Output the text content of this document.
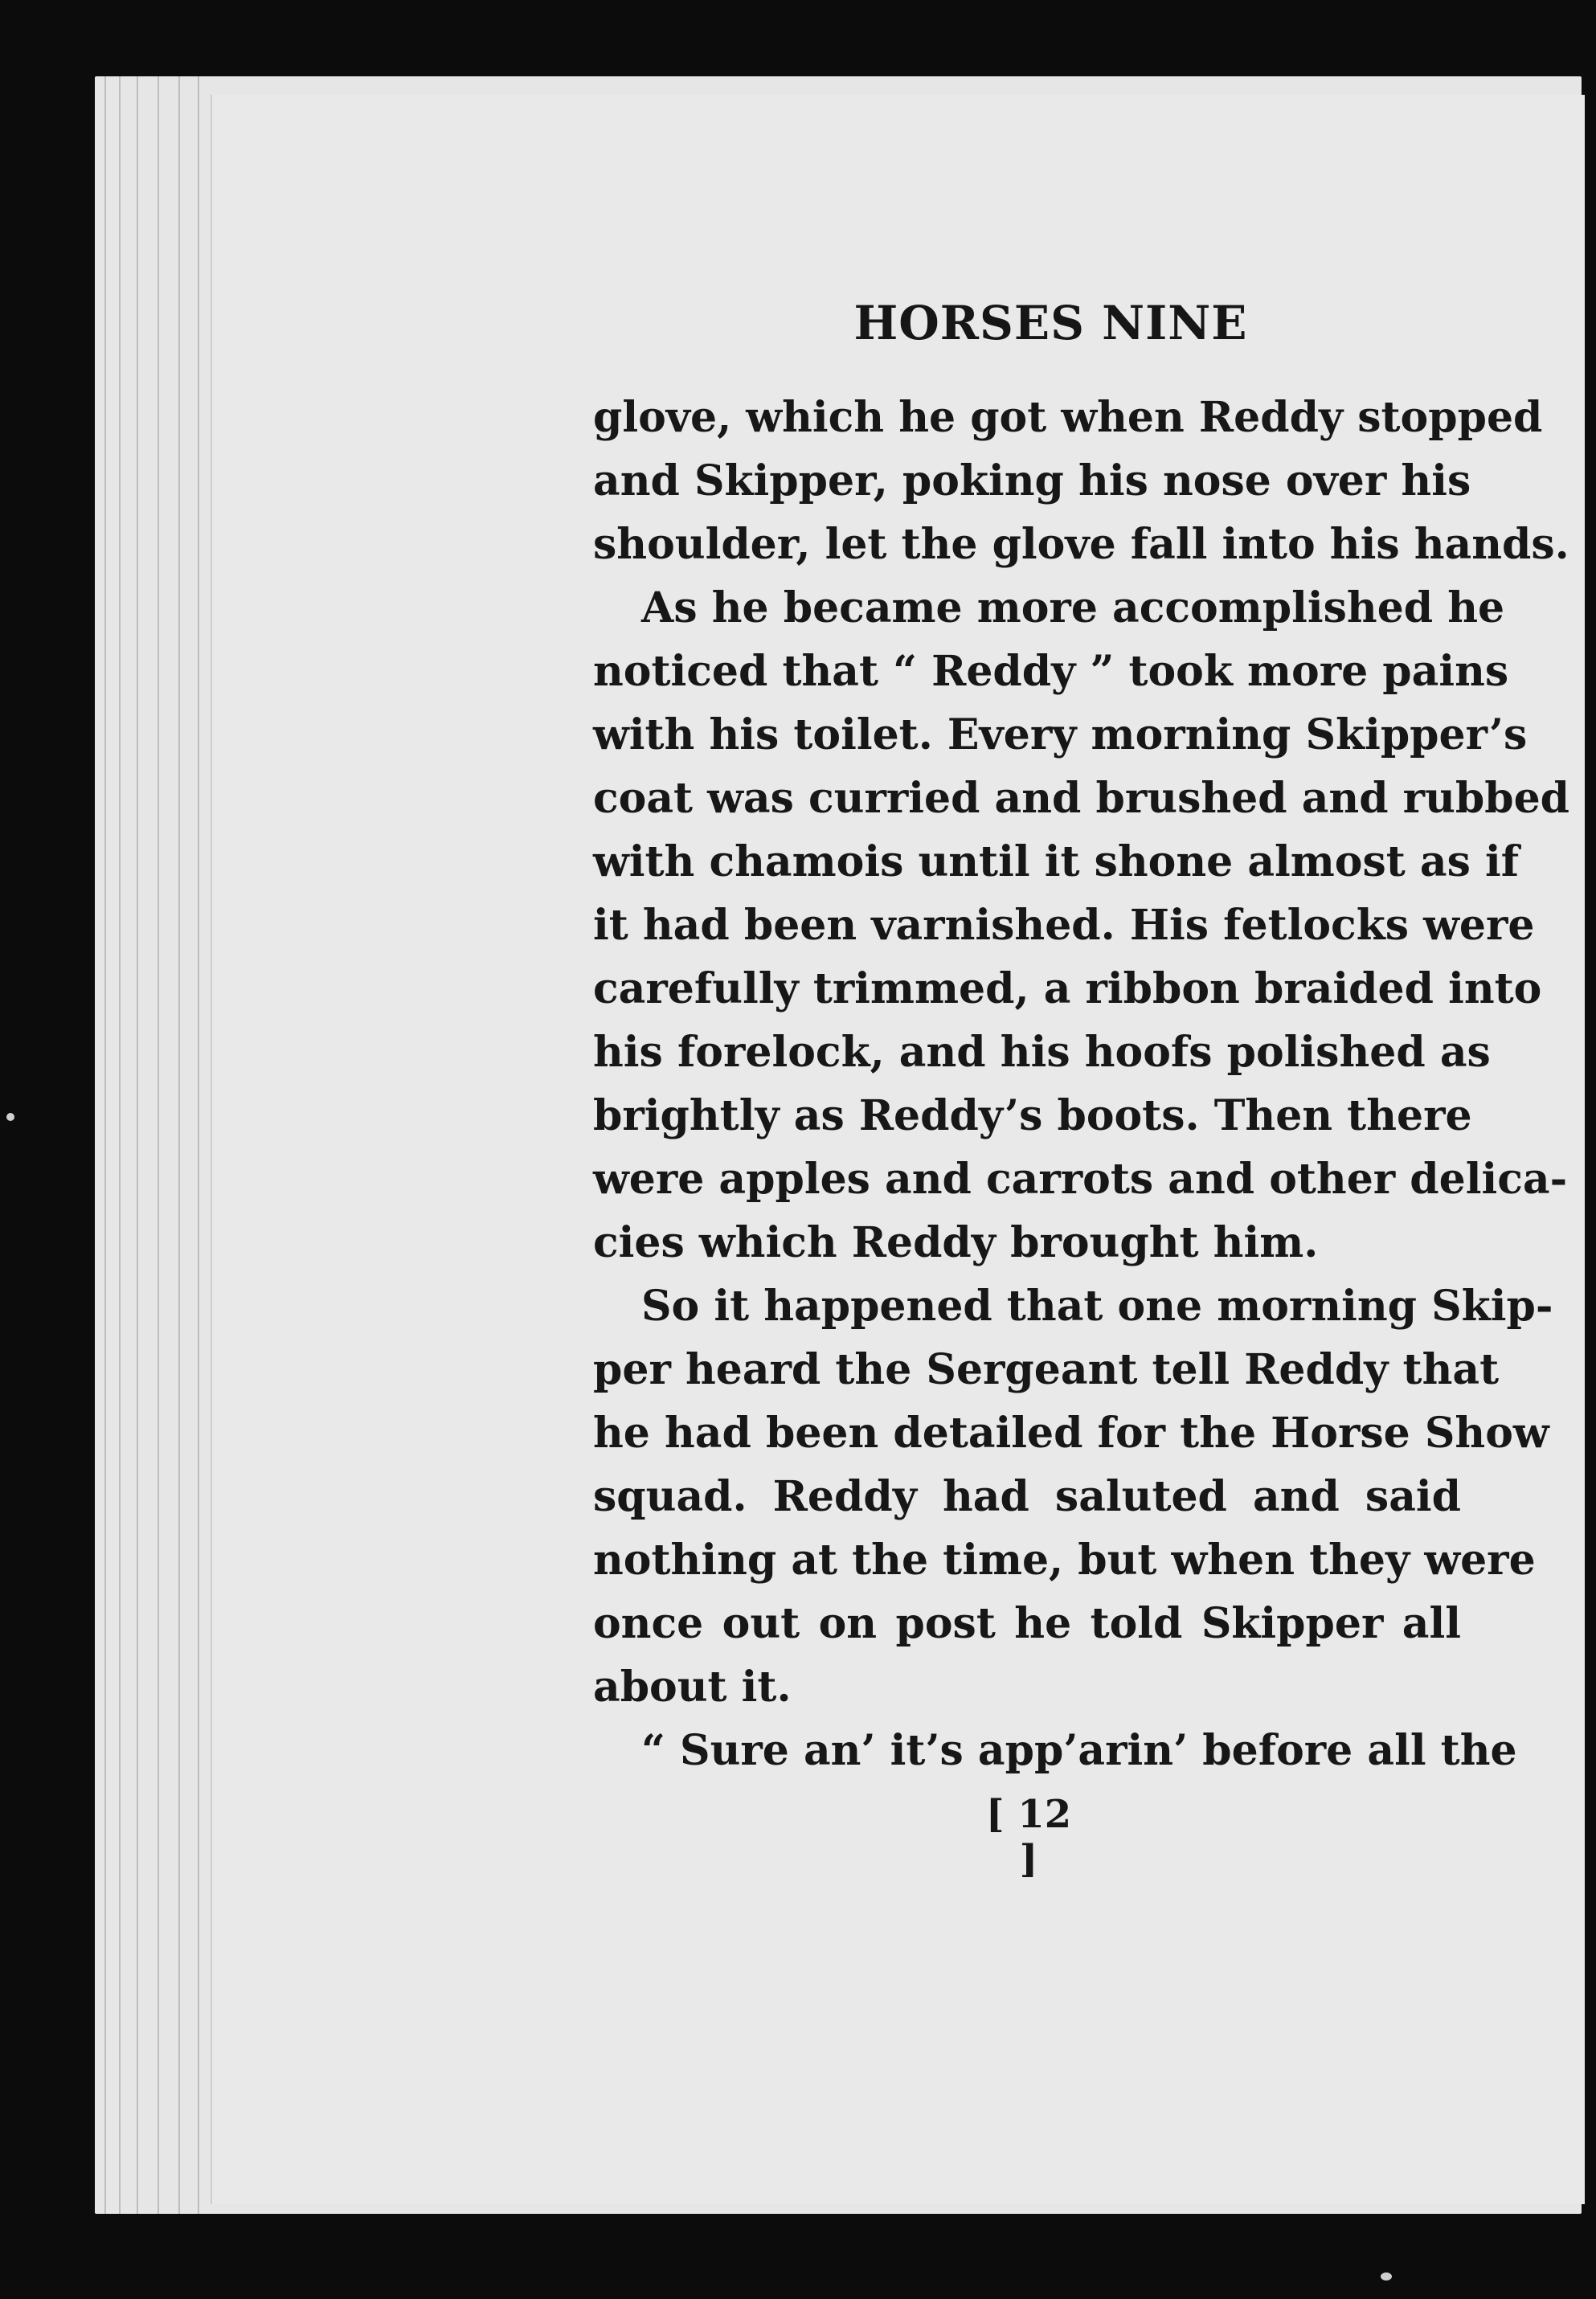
HORSES NINE
glove, which he got when Reddy stopped
and Skipper, poking his nose over his
shoulder, let the glove fall into his hands.
As he became more accomplished he
noticed that “ Reddy ” took more pains
with his toilet. Every morning Skipper’s
coat was curried and brushed and rubbed
with chamois until it shone almost as if
it had been varnished. His fetlocks were
carefully trimmed, a ribbon braided into
his forelock, and his hoofs polished as
brightly as Reddy’s boots. Then there
were apples and carrots and other delica-
cies which Reddy brought him.
So it happened that one morning Skip-
per heard the Sergeant tell Reddy that
he had been detailed for the Horse Show
squad. Reddy had saluted and said
nothing at the time, but when they were
once out on post he told Skipper all
about it.
“ Sure an’ it’s app’arin’ before all the
[ 12 ]
